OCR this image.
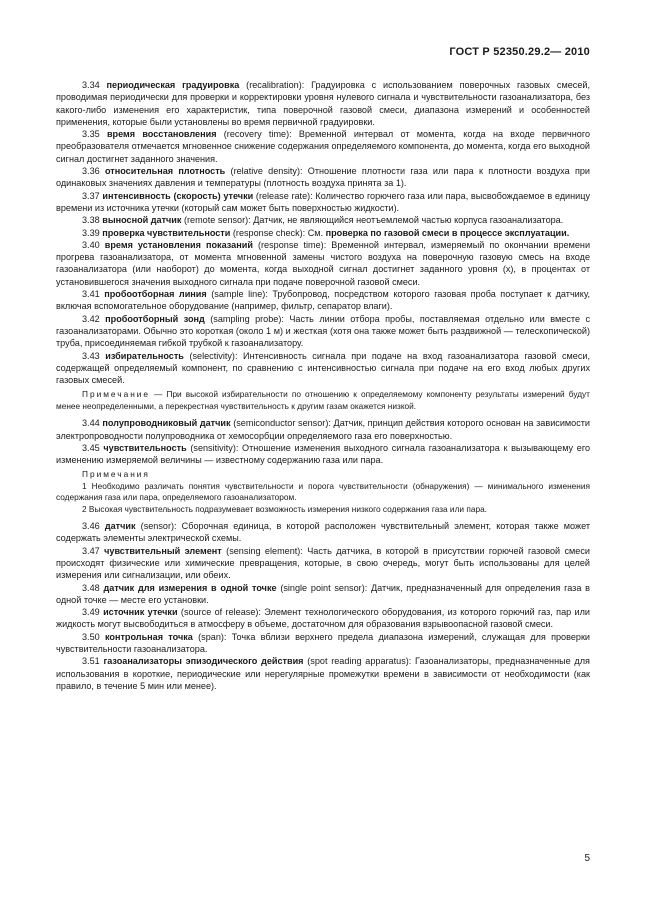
ГОСТ Р 52350.29.2— 2010

3.34 периодическая градуировка (recalibration): Градуировка с использованием поверочных газовых смесей, проводимая периодически для проверки и корректировки уровня нулевого сигнала и чувствительности газоанализатора, без какого-либо изменения его характеристик, типа поверочной газовой смеси, диапазона измерений и особенностей применения, которые были установлены во время первичной градуировки.

3.35 время восстановления (recovery time): Временной интервал от момента, когда на входе первичного преобразователя отмечается мгновенное снижение содержания определяемого компонента, до момента, когда его выходной сигнал достигнет заданного значения.

3.36 относительная плотность (relative density): Отношение плотности газа или пара к плотности воздуха при одинаковых значениях давления и температуры (плотность воздуха принята за 1).

3.37 интенсивность (скорость) утечки (release rate): Количество горючего газа или пара, высвобождаемое в единицу времени из источника утечки (который сам может быть поверхностью жидкости).

3.38 выносной датчик (remote sensor): Датчик, не являющийся неотъемлемой частью корпуса газоанализатора.

3.39 проверка чувствительности (response check): См. проверка по газовой смеси в процессе эксплуатации.

3.40 время установления показаний (response time): Временной интервал, измеряемый по окончании времени прогрева газоанализатора, от момента мгновенной замены чистого воздуха на поверочную газовую смесь на входе газоанализатора (или наоборот) до момента, когда выходной сигнал достигнет заданного уровня (x), в процентах от установившегося значения выходного сигнала при подаче поверочной газовой смеси.

3.41 пробоотборная линия (sample line): Трубопровод, посредством которого газовая проба поступает к датчику, включая вспомогательное оборудование (например, фильтр, сепаратор влаги).

3.42 пробоотборный зонд (sampling probe): Часть линии отбора пробы, поставляемая отдельно или вместе с газоанализаторами. Обычно это короткая (около 1 м) и жесткая (хотя она также может быть раздвижной — телескопической) труба, присоединяемая гибкой трубкой к газоанализатору.

3.43 избирательность (selectivity): Интенсивность сигнала при подаче на вход газоанализатора газовой смеси, содержащей определяемый компонент, по сравнению с интенсивностью сигнала при подаче на его вход любых других газовых смесей.

Примечание — При высокой избирательности по отношению к определяемому компоненту результаты измерений будут менее неопределенными, а перекрестная чувствительность к другим газам окажется низкой.

3.44 полупроводниковый датчик (semiconductor sensor): Датчик, принцип действия которого основан на зависимости электропроводности полупроводника от хемосорбции определяемого газа его поверхностью.

3.45 чувствительность (sensitivity): Отношение изменения выходного сигнала газоанализатора к вызывающему его изменению измеряемой величины — известному содержанию газа или пара.

Примечания

1 Необходимо различать понятия чувствительности и порога чувствительности (обнаружения) — минимального изменения содержания газа или пара, определяемого газоанализатором.

2 Высокая чувствительность подразумевает возможность измерения низкого содержания газа или пара.

3.46 датчик (sensor): Сборочная единица, в которой расположен чувствительный элемент, которая также может содержать элементы электрической схемы.

3.47 чувствительный элемент (sensing element): Часть датчика, в которой в присутствии горючей газовой смеси происходят физические или химические превращения, которые, в свою очередь, могут быть использованы для целей измерения или сигнализации, или обеих.

3.48 датчик для измерения в одной точке (single point sensor): Датчик, предназначенный для определения газа в одной точке — месте его установки.

3.49 источник утечки (source of release): Элемент технологического оборудования, из которого горючий газ, пар или жидкость могут высвободиться в атмосферу в объеме, достаточном для образования взрывоопасной газовой смеси.

3.50 контрольная точка (span): Точка вблизи верхнего предела диапазона измерений, служащая для проверки чувствительности газоанализатора.

3.51 газоанализаторы эпизодического действия (spot reading apparatus): Газоанализаторы, предназначенные для использования в короткие, периодические или нерегулярные промежутки времени в зависимости от необходимости (как правило, в течение 5 мин или менее).

5
